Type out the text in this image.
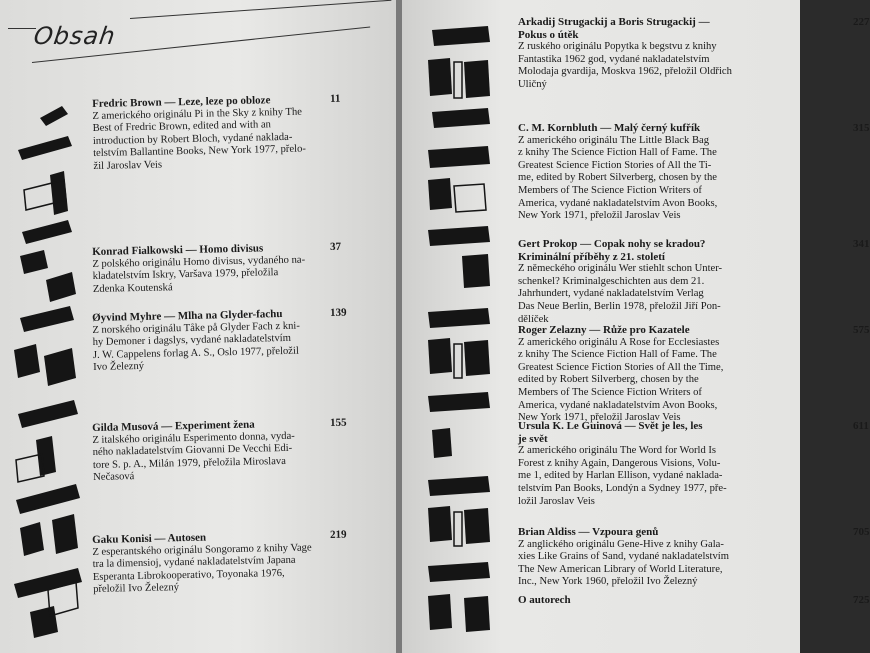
Obsah
Fredric Brown — Leze, leze po obloze	11
Z amerického originálu Pi in the Sky z knihy The
Best of Fredric Brown, edited and with an
introduction by Robert Bloch, vydané naklada-
telstvím Ballantine Books, New York 1977, přelo-
žil Jaroslav Veis
Konrad Fialkowski — Homo divisus	37
Z polského originálu Homo divisus, vydaného na-
kladatelstvím Iskry, Varšava 1979, přeložila
Zdenka Koutenská
Øyvind Myhre — Mlha na Glyder-fachu	139
Z norského originálu Tåke på Glyder Fach z kni-
hy Demoner i dagslys, vydané nakladatelstvím
J. W. Cappelens forlag A. S., Oslo 1977, přeložil
Ivo Železný
Gilda Musová — Experiment žena	155
Z italského originálu Esperimento donna, vyda-
ného nakladatelstvím Giovanni De Vecchi Edi-
tore S. p. A., Milán 1979, přeložila Miroslava
Nečasová
Gaku Konisi — Autosen	219
Z esperantského originálu Songoramo z knihy Vage
tra la dimensioj, vydané nakladatelstvím Japana
Esperanta Librokooperativo, Toyonaka 1976,
přeložil Ivo Železný
Arkadij Strugackij a Boris Strugackij —
Pokus o útěk
227
Z ruského originálu Popytka k begstvu z knihy
Fantastika 1962 god, vydané nakladatelstvím
Molodaja gvardija, Moskva 1962, přeložil Oldřich
Uličný
C. M. Kornbluth — Malý černý kufřík	315
Z amerického originálu The Little Black Bag
z knihy The Science Fiction Hall of Fame. The
Greatest Science Fiction Stories of All the Ti-
me, edited by Robert Silverberg, chosen by the
Members of The Science Fiction Writers of
America, vydané nakladatelstvím Avon Books,
New York 1971, přeložil Jaroslav Veis
Gert Prokop — Copak nohy se kradou?
Kriminální příběhy z 21. století
341
Z německého originálu Wer stiehlt schon Unter-
schenkel? Kriminalgeschichten aus dem 21.
Jahrhundert, vydané nakladatelstvím Verlag
Das Neue Berlin, Berlin 1978, přeložil Jiří Pon-
dělíček
Roger Zelazny — Růže pro Kazatele	575
Z amerického originálu A Rose for Ecclesiastes
z knihy The Science Fiction Hall of Fame. The
Greatest Science Fiction Stories of All the Time,
edited by Robert Silverberg, chosen by the
Members of The Science Fiction Writers of
America, vydané nakladatelstvím Avon Books,
New York 1971, přeložil Jaroslav Veis
Ursula K. Le Guinová — Svět je les, les
je svět
611
Z amerického originálu The Word for World Is
Forest z knihy Again, Dangerous Visions, Volu-
me 1, edited by Harlan Ellison, vydané naklada-
telstvím Pan Books, Londýn a Sydney 1977, pře-
ložil Jaroslav Veis
Brian Aldiss — Vzpoura genů	705
Z anglického originálu Gene-Hive z knihy Gala-
xies Like Grains of Sand, vydané nakladatelstvím
The New American Library of World Literature,
Inc., New York 1960, přeložil Ivo Železný
O autorech	725
